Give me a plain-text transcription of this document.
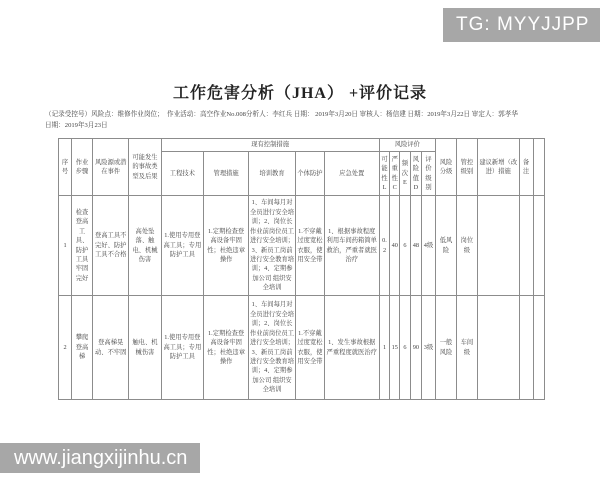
TG: MYYJJPP
工作危害分析（JHA） +评价记录
（记录受控号）风险点：维修作业岗位；　作业活动：高空作业No.008分析人：李红兵 日期： 2019年3月20日 审核人：杨信建 日期：2019年3月22日 审定人：郭孝华
日期：2019年3月23日
序号	作业步骤	风险源或潜在事件	可能发生的事故类型及后果	现有控制措施					风险评价					风险分级	管控级别	建议新增（改进）措施	备注	
				工程技术	管理措施	培训教育	个体防护	应急处置	可能性L	严重性C	频次E	风险值D	评价级别					
1	检查登高工具、防护工具牢固完好	登高工具不完好、防护工具不合格	高处坠落、触电、机械伤害	1.使用专用登高工具；专用防护工具	1.定期检查登高设备牢固性；杜绝违章操作	1、车间每月对全员进行安全培训；2、岗位长作业前岗位员工进行安全培训；3、新员工岗前进行安全教育培训；4、定期参加公司 组织安全培训	1.不穿戴过度宽松衣服，使用安全带	1、根据事故程度利用车间药箱简单救治，严重者就医治疗	0.2	40	6	48	4级	低风险	岗位级			
2	攀爬登高梯	登高梯晃动、不牢固	触电、机械伤害	1.使用专用登高工具；专用防护工具	1.定期检查登高设备牢固性；杜绝违章操作	1、车间每月对全员进行安全培训；2、岗位长作业前岗位员工进行安全培训；3、新员工岗前进行安全教育培训；4、定期参加公司 组织安全培训	1.不穿戴过度宽松衣服，使用安全带	1、发生事故根据严重程度就医治疗	1	15	6	90	3级	一般风险	车间级			
www.jiangxijinhu.cn
